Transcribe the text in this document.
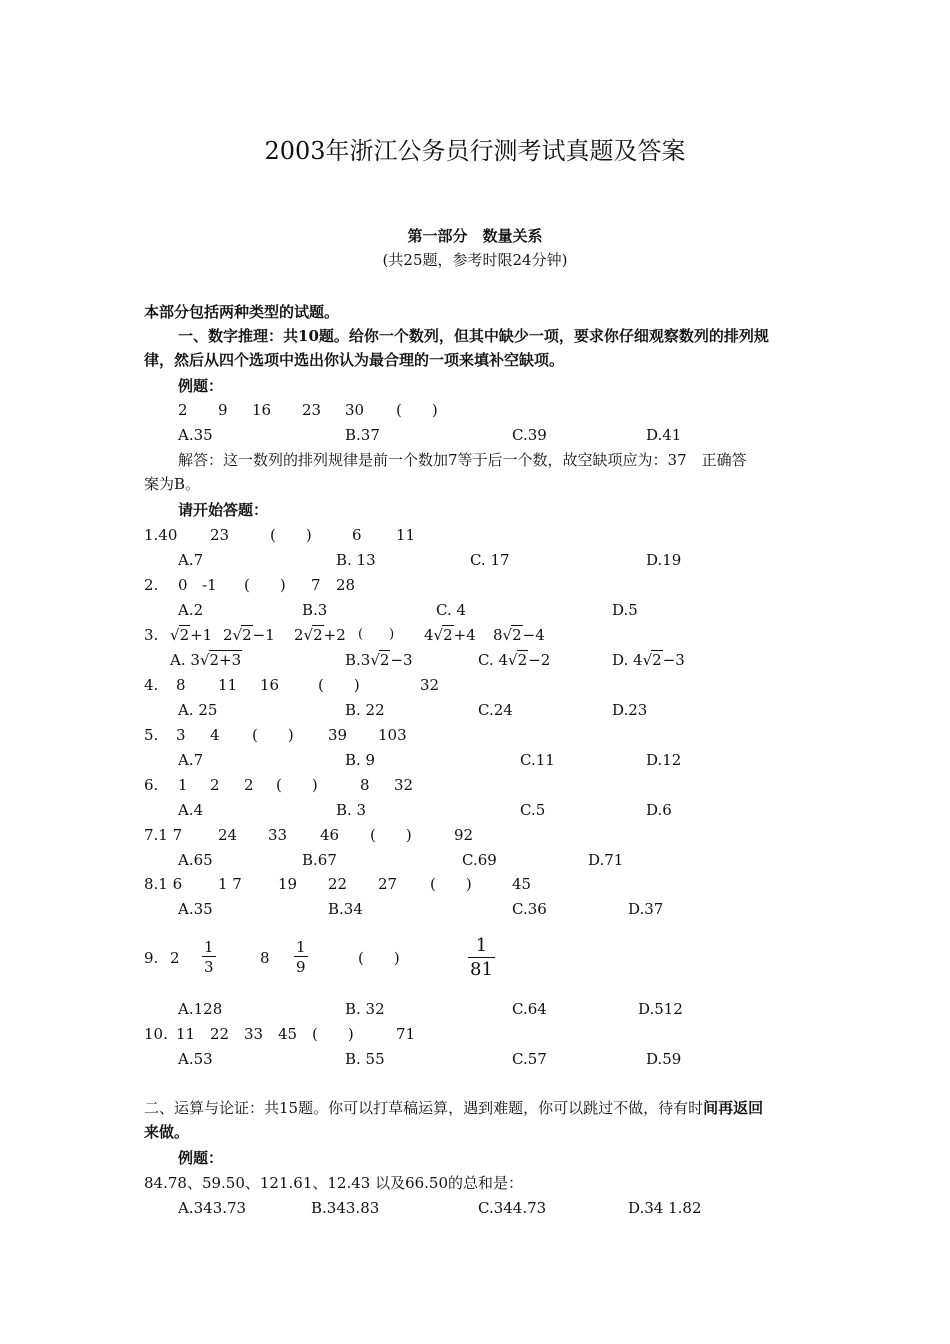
2003年浙江公务员行测考试真题及答案
第一部分　数量关系
(共25题，参考时限24分钟)
本部分包括两种类型的试题。
一、数字推理：共10题。给你一个数列，但其中缺少一项，要求你仔细观察数列的排列规
律，然后从四个选项中选出你认为最合理的一项来填补空缺项。
例题：
2 9 16 23 30 (　　)
A.35	B.37	C.39	D.41
解答：这一数列的排列规律是前一个数加7等于后一个数，故空缺项应为：37　正确答
案为B。
请开始答题：
1.40 23	(　　)	6 11
A.7	B. 13	C. 17	D.19
2. 0 -1 (　　) 7 28
A.2	B.3	C. 4	D.5
3. √2+1 2√2−1 2√2+2 (　　) 4√2+4 8√2−4
A. 3√2+3	B.3√2−3	C. 4√2−2	D. 4√2−3
4. 8 11 16	(　　)	32
A. 25	B. 22	C.24	D.23
5. 3 4 (　　) 39 103
A.7	B. 9	C.11	D.12
6. 1 2 2 (　　)	8 32
A.4	B. 3	C.5	D.6
7.1 7 24 33 46 (　　)	92
A.65	B.67	C.69	D.71
8.1 6 1 7 19 22 27 (　　)	45
A.35	B.34	C.36	D.37
9. $2 \frac{1}{3}$	$8 \frac{1}{9}$	(　　)	$\frac{1}{81}$
A.128	B. 32	C.64	D.512
10. 11 22 33 45 (　　)	71
A.53	B. 55	C.57	D.59
二、运算与论证：共15题。你可以打草稿运算，遇到难题，你可以跳过不做，待有时间再返回
来做。
例题：
84.78、59.50、121.61、12.43 以及66.50的总和是：
A.343.73	B.343.83	C.344.73	D.34 1.82
